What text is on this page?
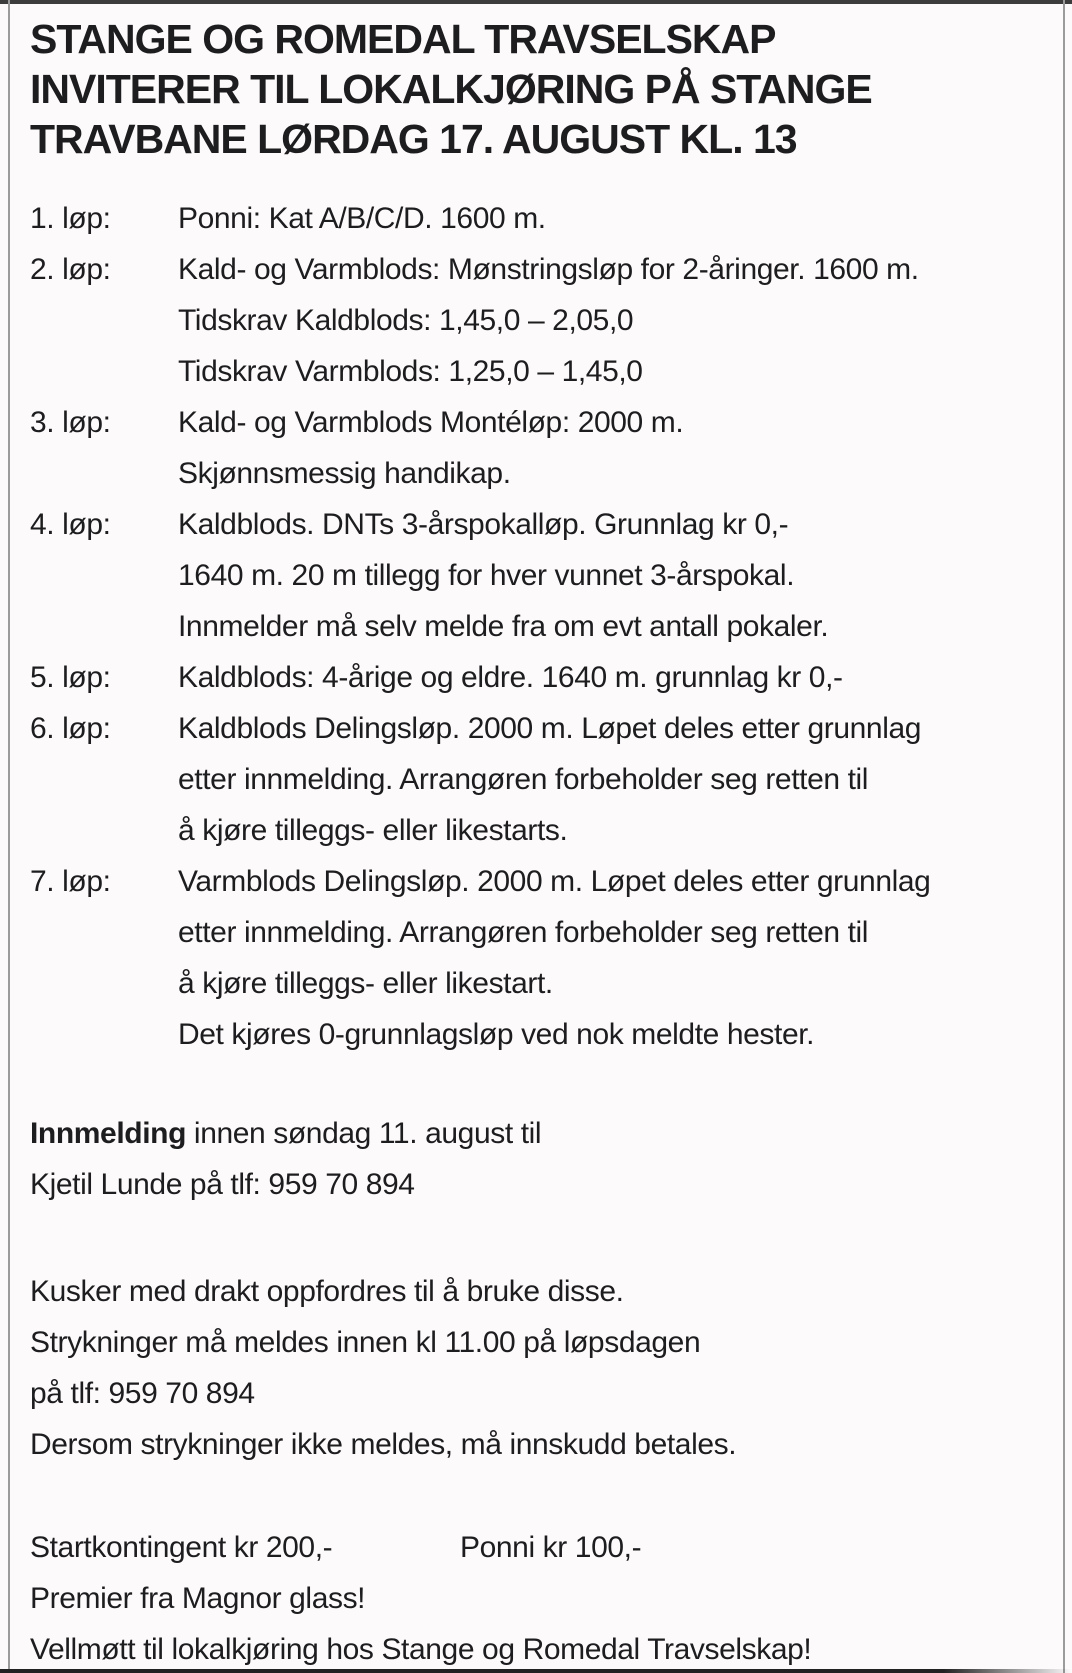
STANGE OG ROMEDAL TRAVSELSKAP
INVITERER TIL LOKALKJØRING PÅ STANGE
TRAVBANE LØRDAG 17. AUGUST KL. 13
1. løp:	Ponni: Kat A/B/C/D. 1600 m.
2. løp:	Kald- og Varmblods: Mønstringsløp for 2-åringer. 1600 m.
Tidskrav Kaldblods: 1,45,0 – 2,05,0
Tidskrav Varmblods: 1,25,0 – 1,45,0
3. løp:	Kald- og Varmblods Montéløp: 2000 m.
Skjønnsmessig handikap.
4. løp:	Kaldblods. DNTs 3-årspokalløp. Grunnlag kr 0,-
1640 m. 20 m tillegg for hver vunnet 3-årspokal.
Innmelder må selv melde fra om evt antall pokaler.
5. løp:	Kaldblods: 4-årige og eldre. 1640 m. grunnlag kr 0,-
6. løp:	Kaldblods Delingsløp. 2000 m. Løpet deles etter grunnlag
etter innmelding. Arrangøren forbeholder seg retten til
å kjøre tilleggs- eller likestarts.
7. løp:	Varmblods Delingsløp. 2000 m. Løpet deles etter grunnlag
etter innmelding. Arrangøren forbeholder seg retten til
å kjøre tilleggs- eller likestart.
Det kjøres 0-grunnlagsløp ved nok meldte hester.
Innmelding innen søndag 11. august til
Kjetil Lunde på tlf: 959 70 894
Kusker med drakt oppfordres til å bruke disse.
Strykninger må meldes innen kl 11.00 på løpsdagen
på tlf: 959 70 894
Dersom strykninger ikke meldes, må innskudd betales.
Startkontingent kr 200,-	Ponni kr 100,-
Premier fra Magnor glass!
Vellmøtt til lokalkjøring hos Stange og Romedal Travselskap!
